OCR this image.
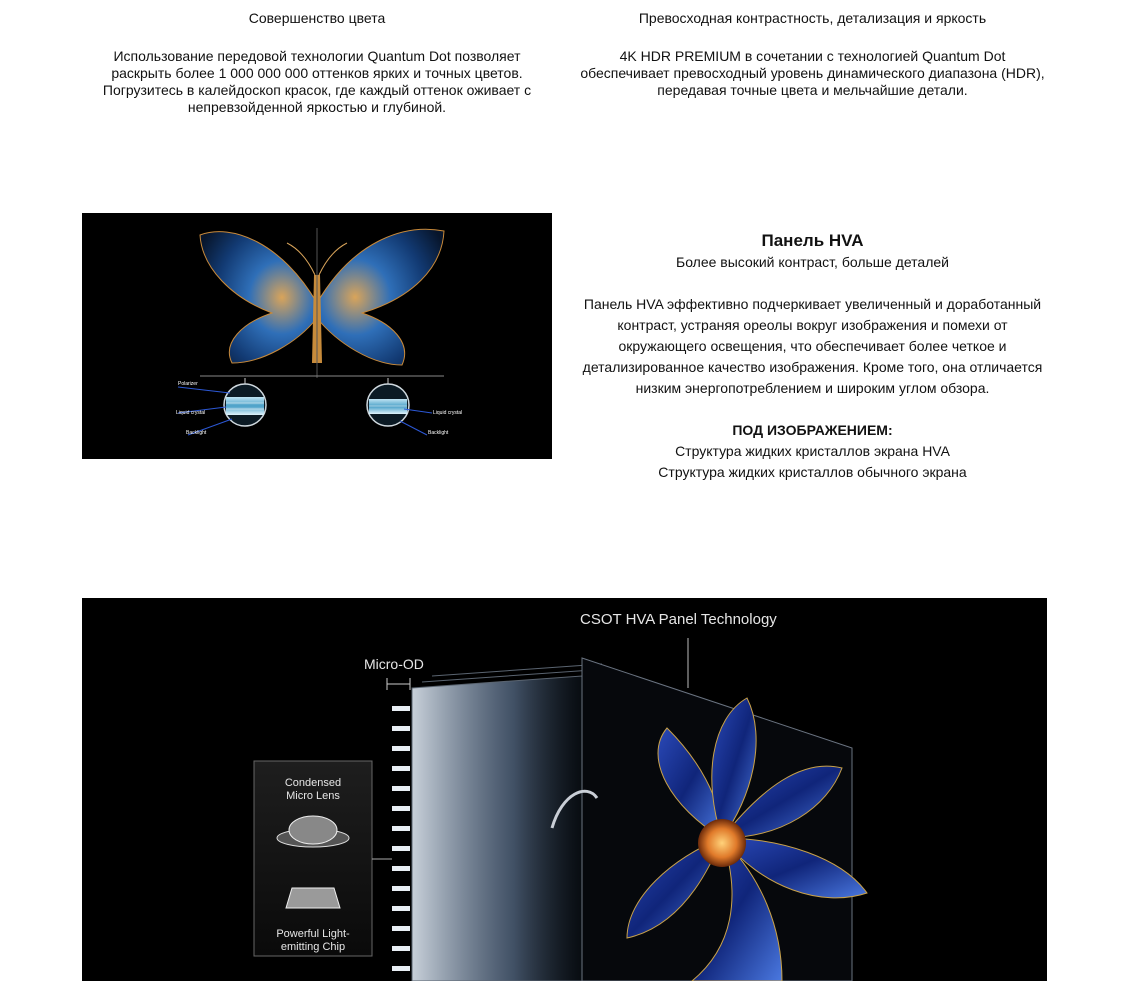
Совершенство цвета

Использование передовой технологии Quantum Dot позволяет раскрыть более 1 000 000 000 оттенков ярких и точных цветов. Погрузитесь в калейдоскоп красок, где каждый оттенок оживает с непревзойденной яркостью и глубиной.

Превосходная контрастность, детализация и яркость

4K HDR PREMIUM в сочетании с технологией Quantum Dot обеспечивает превосходный уровень динамического диапазона (HDR), передавая точные цвета и мельчайшие детали.

Polarizer
Liquid crystal
Backlight
Liquid crystal
Backlight

Панель HVA

Более высокий контраст, больше деталей

Панель HVA эффективно подчеркивает увеличенный и доработанный контраст, устраняя ореолы вокруг изображения и помехи от окружающего освещения, что обеспечивает более четкое и детализированное качество изображения. Кроме того, она отличается низким энергопотреблением и широким углом обзора.

ПОД ИЗОБРАЖЕНИЕМ:

Структура жидких кристаллов экрана HVA

Структура жидких кристаллов обычного экрана

CSOT HVA Panel Technology
Micro-OD
Condensed
Micro Lens
Powerful Light-
emitting Chip
